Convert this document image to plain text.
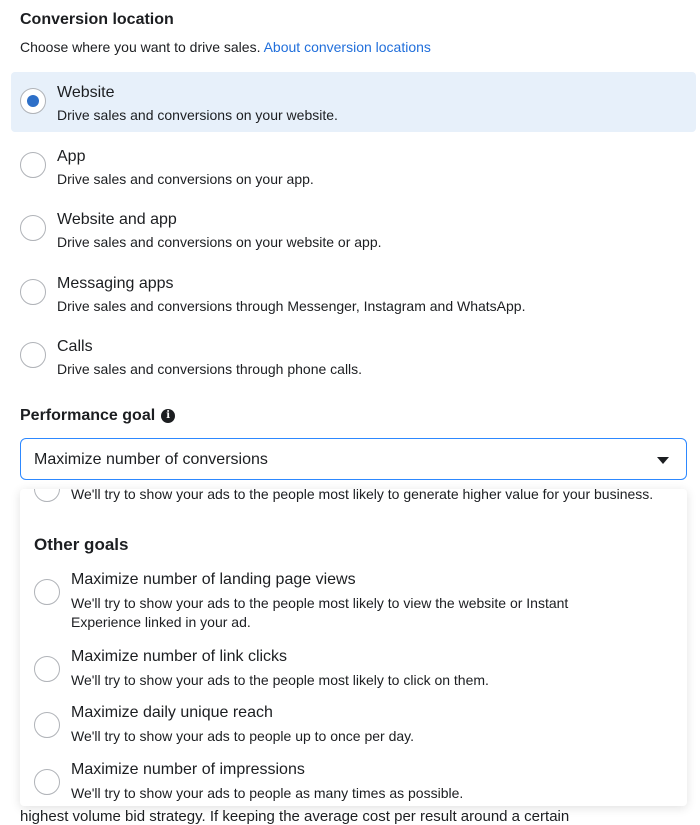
Conversion location
Choose where you want to drive sales. About conversion locations
Website
Drive sales and conversions on your website.
App
Drive sales and conversions on your app.
Website and app
Drive sales and conversions on your website or app.
Messaging apps
Drive sales and conversions through Messenger, Instagram and WhatsApp.
Calls
Drive sales and conversions through phone calls.
Performance goal	i
Maximize number of conversions
We'll try to show your ads to the people most likely to generate higher value for your business.
Other goals
Maximize number of landing page views
We'll try to show your ads to the people most likely to view the website or Instant Experience linked in your ad.
Maximize number of link clicks
We'll try to show your ads to the people most likely to click on them.
Maximize daily unique reach
We'll try to show your ads to people up to once per day.
Maximize number of impressions
We'll try to show your ads to people as many times as possible.
highest volume bid strategy. If keeping the average cost per result around a certain
